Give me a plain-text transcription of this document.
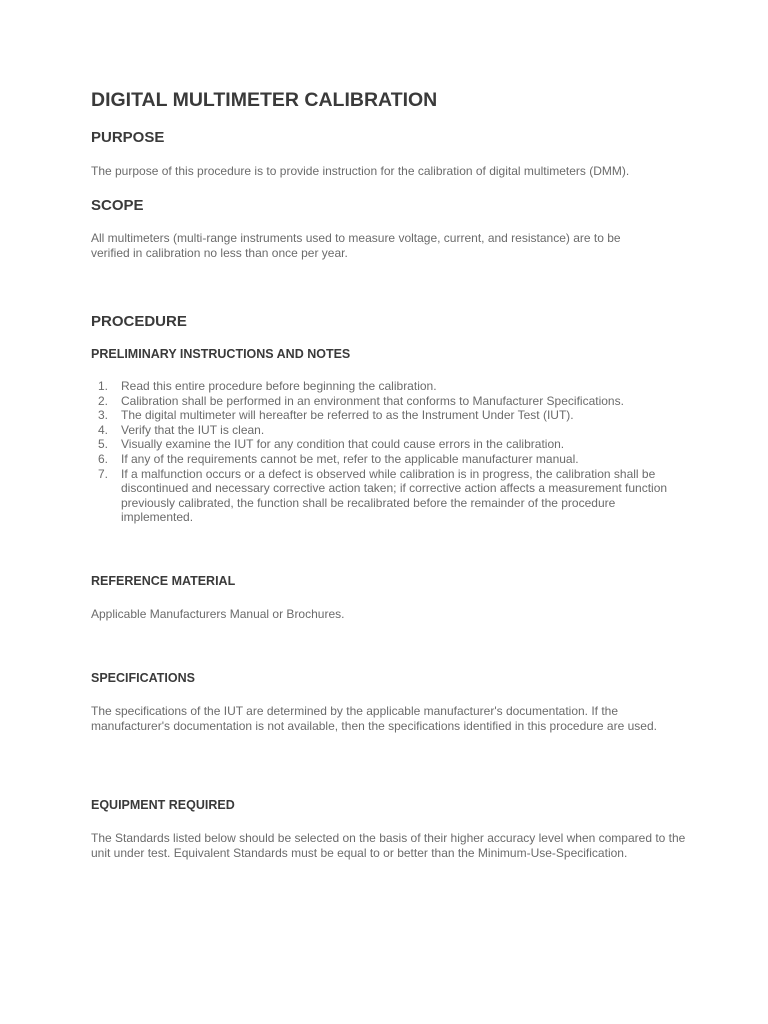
DIGITAL MULTIMETER CALIBRATION
PURPOSE

The purpose of this procedure is to provide instruction for the calibration of digital multimeters (DMM).

SCOPE

All multimeters (multi-range instruments used to measure voltage, current, and resistance) are to be verified in calibration no less than once per year.

PROCEDURE
PRELIMINARY INSTRUCTIONS AND NOTES
1. Read this entire procedure before beginning the calibration.
2. Calibration shall be performed in an environment that conforms to Manufacturer Specifications.
3. The digital multimeter will hereafter be referred to as the Instrument Under Test (IUT).
4. Verify that the IUT is clean.
5. Visually examine the IUT for any condition that could cause errors in the calibration.
6. If any of the requirements cannot be met, refer to the applicable manufacturer manual.
7. If a malfunction occurs or a defect is observed while calibration is in progress, the calibration shall be discontinued and necessary corrective action taken; if corrective action affects a measurement function previously calibrated, the function shall be recalibrated before the remainder of the procedure implemented.
REFERENCE MATERIAL

Applicable Manufacturers Manual or Brochures.

SPECIFICATIONS

The specifications of the IUT are determined by the applicable manufacturer's documentation. If the manufacturer's documentation is not available, then the specifications identified in this procedure are used.

EQUIPMENT REQUIRED

The Standards listed below should be selected on the basis of their higher accuracy level when compared to the unit under test. Equivalent Standards must be equal to or better than the Minimum-Use-Specification.
